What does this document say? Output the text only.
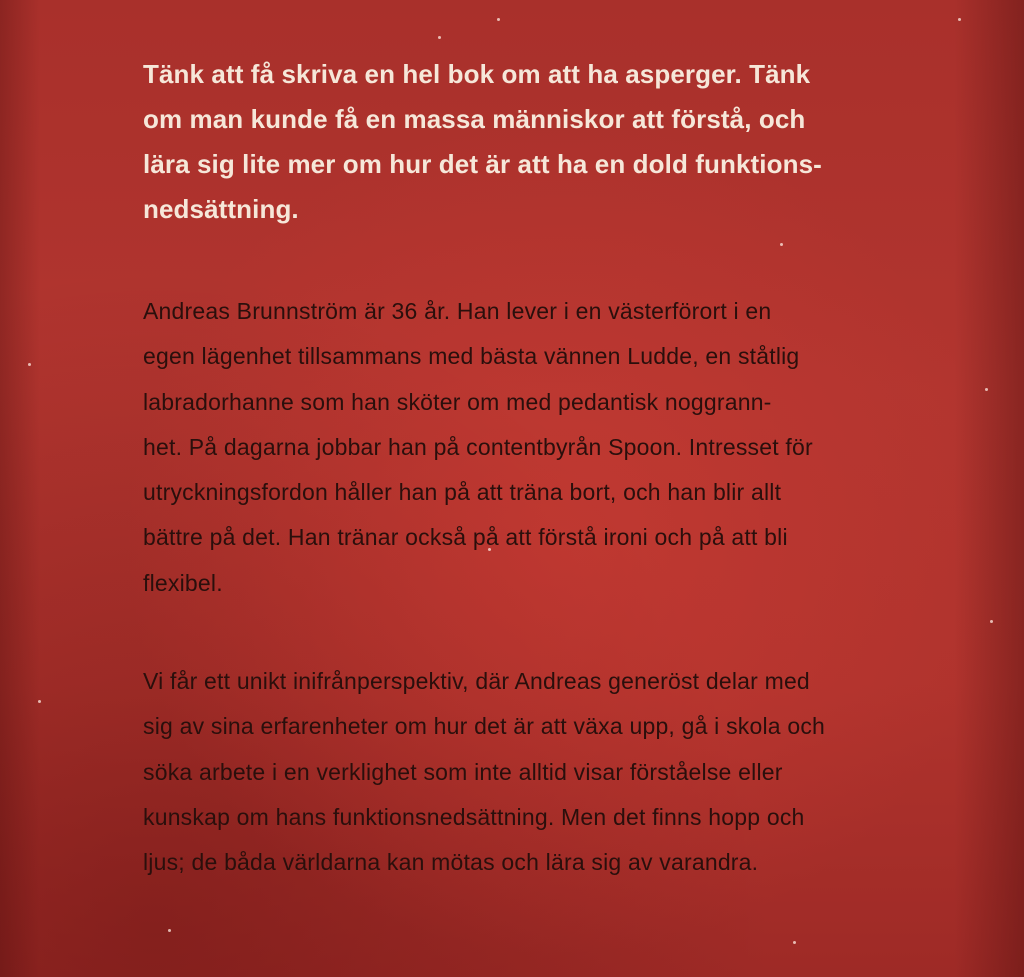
Tänk att få skriva en hel bok om att ha asperger. Tänk
om man kunde få en massa människor att förstå, och
lära sig lite mer om hur det är att ha en dold funktions-
nedsättning.

Andreas Brunnström är 36 år. Han lever i en västerförort i en
egen lägenhet tillsammans med bästa vännen Ludde, en ståtlig
labradorhanne som han sköter om med pedantisk noggrann-
het. På dagarna jobbar han på contentbyrån Spoon. Intresset för
utryckningsfordon håller han på att träna bort, och han blir allt
bättre på det. Han tränar också på att förstå ironi och på att bli
flexibel.

Vi får ett unikt inifrånperspektiv, där Andreas generöst delar med
sig av sina erfarenheter om hur det är att växa upp, gå i skola och
söka arbete i en verklighet som inte alltid visar förståelse eller
kunskap om hans funktionsnedsättning. Men det finns hopp och
ljus; de båda världarna kan mötas och lära sig av varandra.
